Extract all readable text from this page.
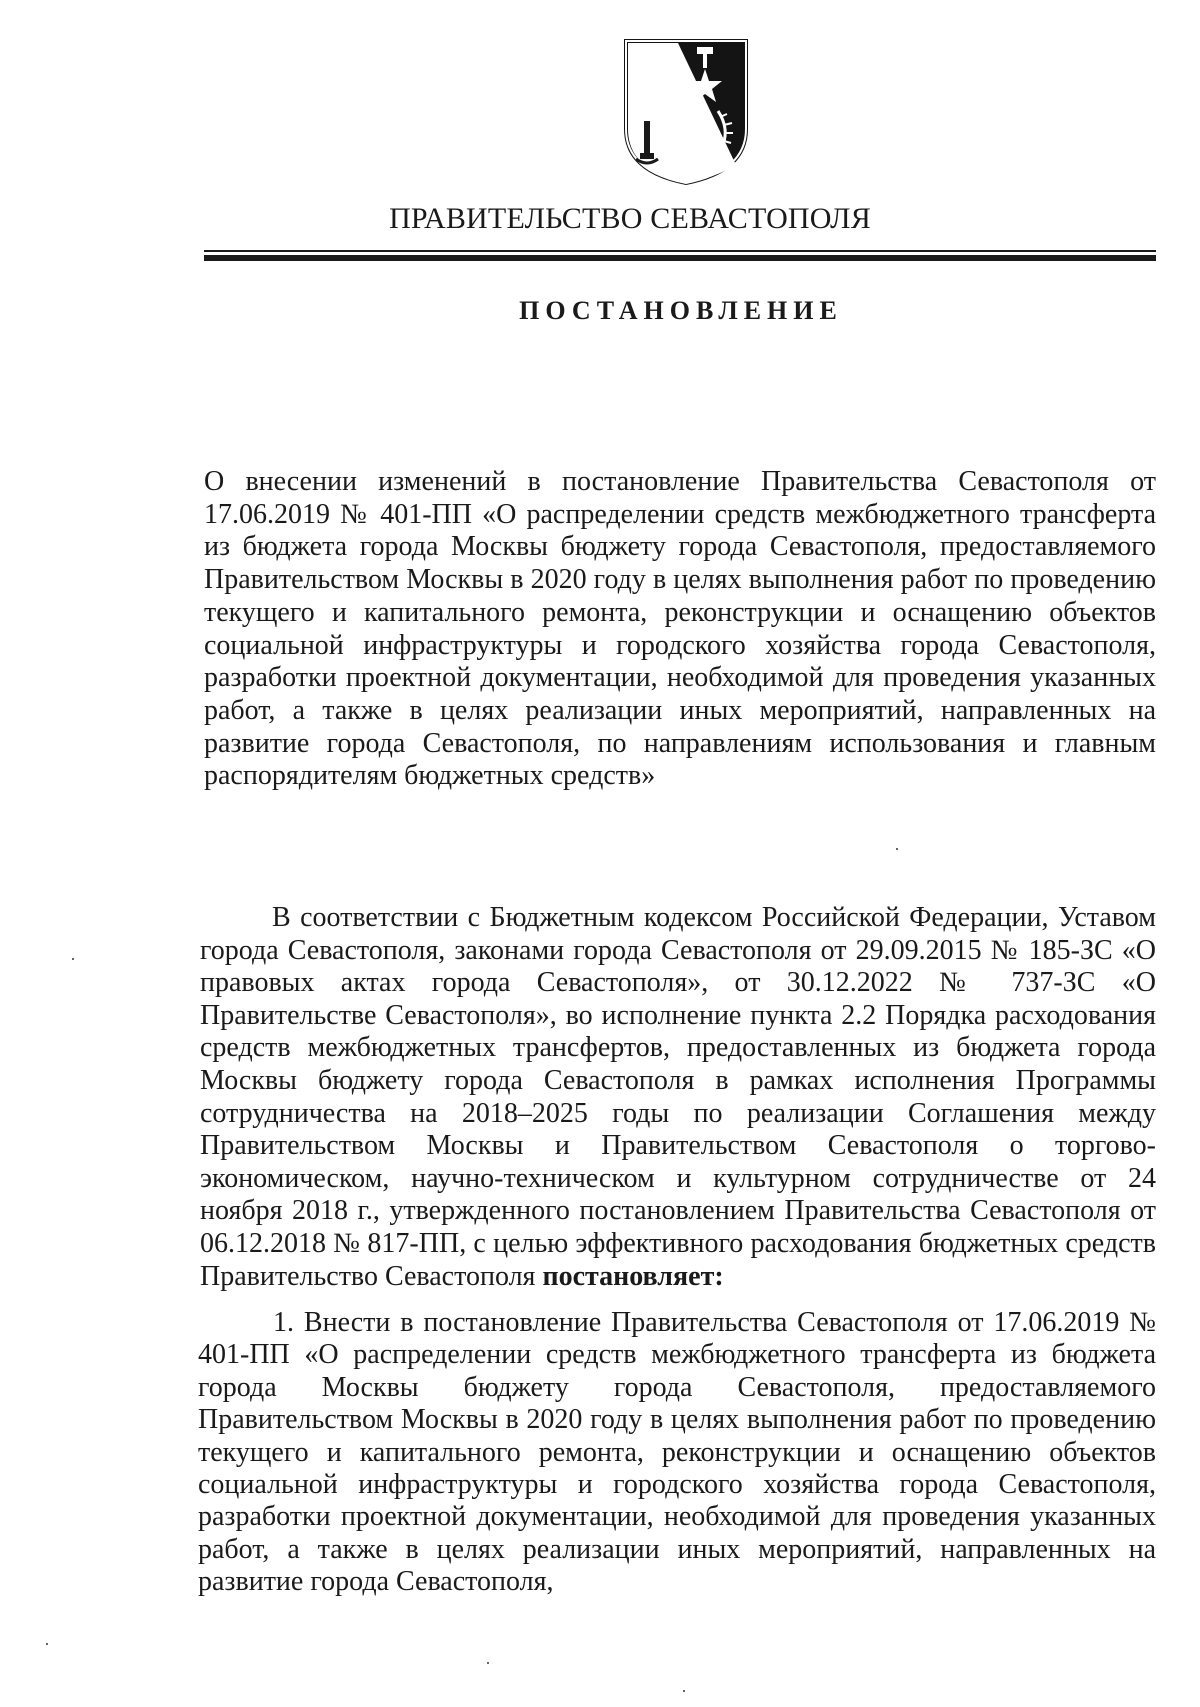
ПРАВИТЕЛЬСТВО СЕВАСТОПОЛЯ
ПОСТАНОВЛЕНИЕ
О внесении изменений в постановление Правительства Севастополя от 17.06.2019 № 401-ПП «О распределении средств межбюджетного трансферта из бюджета города Москвы бюджету города Севастополя, предоставляемого Правительством Москвы в 2020 году в целях выполнения работ по проведению текущего и капитального ремонта, реконструкции и оснащению объектов социальной инфраструктуры и городского хозяйства города Севастополя, разработки проектной документации, необходимой для проведения указанных работ, а также в целях реализации иных мероприятий, направленных на развитие города Севастополя, по направлениям использования и главным распорядителям бюджетных средств»
В соответствии с Бюджетным кодексом Российской Федерации, Уставом города Севастополя, законами города Севастополя от 29.09.2015 № 185-ЗС «О правовых актах города Севастополя», от 30.12.2022 № 737-ЗС «О Правительстве Севастополя», во исполнение пункта 2.2 Порядка расходования средств межбюджетных трансфертов, предоставленных из бюджета города Москвы бюджету города Севастополя в рамках исполнения Программы сотрудничества на 2018–2025 годы по реализации Соглашения между Правительством Москвы и Правительством Севастополя о торгово-экономическом, научно-техническом и культурном сотрудничестве от 24 ноября 2018 г., утвержденного постановлением Правительства Севастополя от 06.12.2018 № 817-ПП, с целью эффективного расходования бюджетных средств Правительство Севастополя постановляет:
1. Внести в постановление Правительства Севастополя от 17.06.2019 № 401-ПП «О распределении средств межбюджетного трансферта из бюджета города Москвы бюджету города Севастополя, предоставляемого Правительством Москвы в 2020 году в целях выполнения работ по проведению текущего и капитального ремонта, реконструкции и оснащению объектов социальной инфраструктуры и городского хозяйства города Севастополя, разработки проектной документации, необходимой для проведения указанных работ, а также в целях реализации иных мероприятий, направленных на развитие города Севастополя,
